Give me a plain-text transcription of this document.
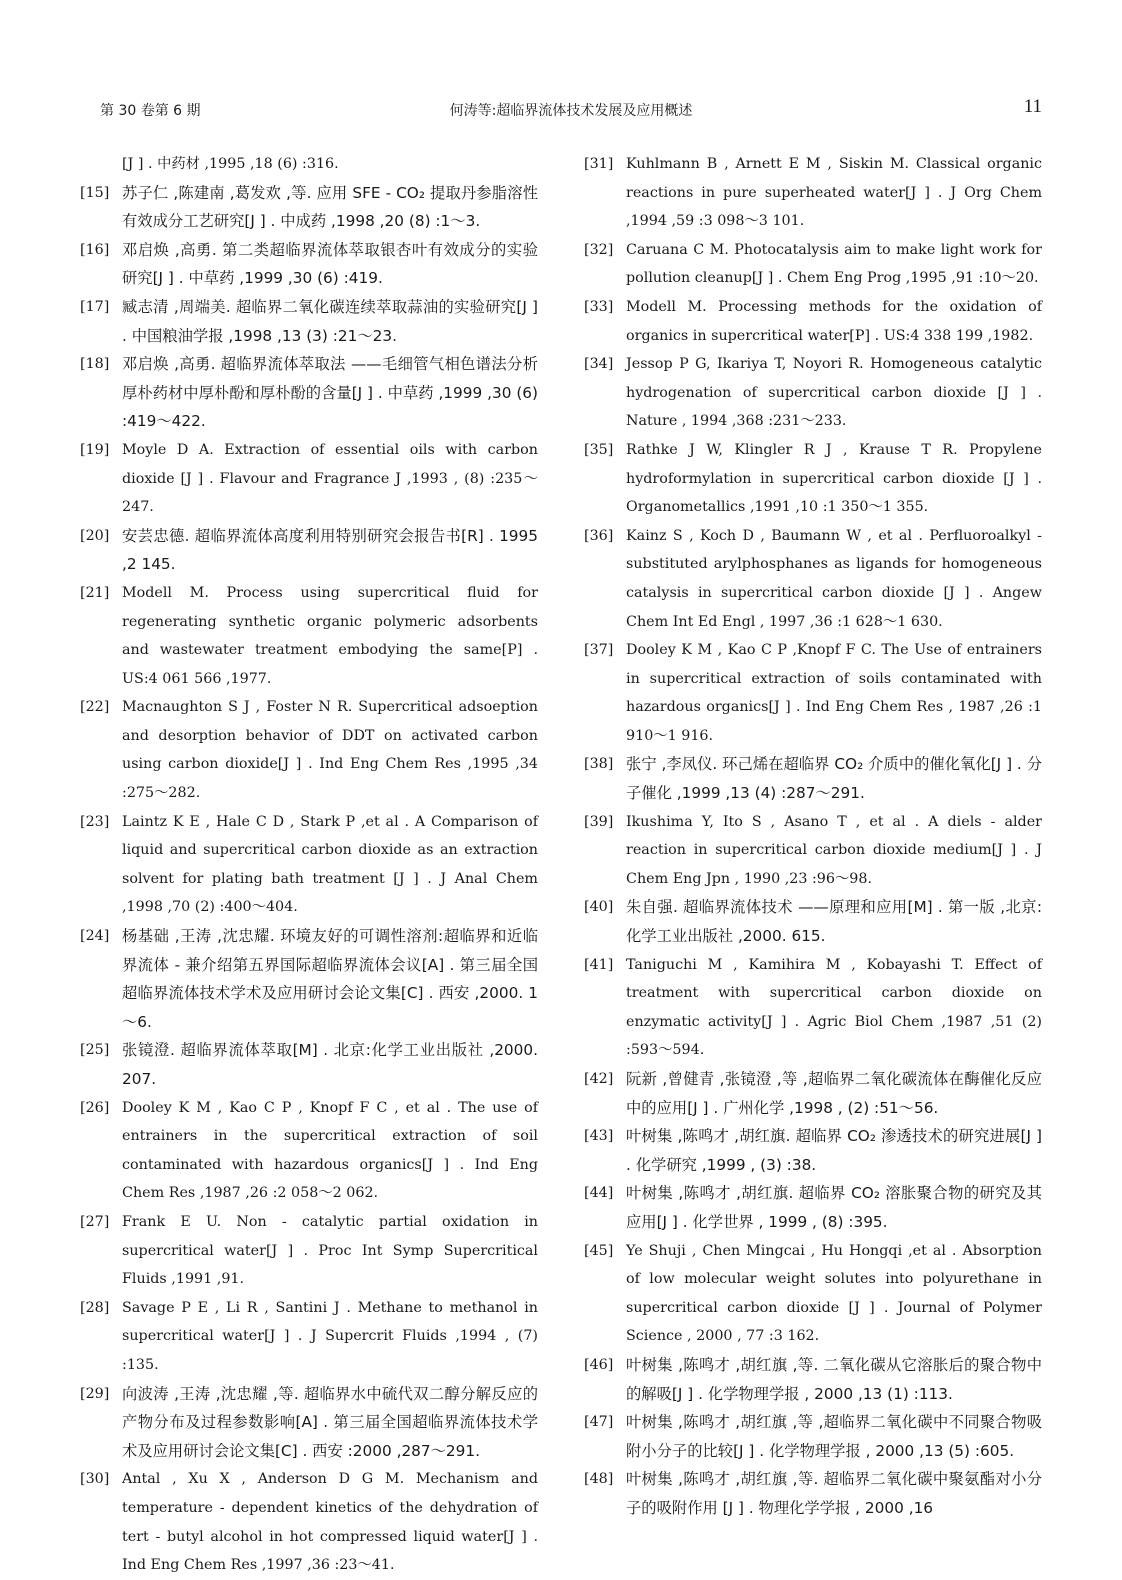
第 30 卷第 6 期	何涛等:超临界流体技术发展及应用概述	11
[J ] . 中药材 ,1995 ,18 (6) :316.
[15] 苏子仁 ,陈建南 ,葛发欢 ,等. 应用 SFE - CO₂ 提取丹参脂溶性有效成分工艺研究[J ] . 中成药 ,1998 ,20 (8) :1～3.
[16] 邓启焕 ,高勇. 第二类超临界流体萃取银杏叶有效成分的实验研究[J ] . 中草药 ,1999 ,30 (6) :419.
[17] 臧志清 ,周端美. 超临界二氧化碳连续萃取蒜油的实验研究[J ] . 中国粮油学报 ,1998 ,13 (3) :21～23.
[18] 邓启焕 ,高勇. 超临界流体萃取法 ——毛细管气相色谱法分析厚朴药材中厚朴酚和厚朴酚的含量[J ] . 中草药 ,1999 ,30 (6) :419～422.
[19] Moyle D A. Extraction of essential oils with carbon dioxide [J ] . Flavour and Fragrance J ,1993 , (8) :235～247.
[20] 安芸忠德. 超临界流体高度利用特别研究会报告书[R] . 1995 ,2 145.
[21] Modell M. Process using supercritical fluid for regenerating synthetic organic polymeric adsorbents and wastewater treatment embodying the same[P] . US:4 061 566 ,1977.
[22] Macnaughton S J , Foster N R. Supercritical adsoeption and desorption behavior of DDT on activated carbon using carbon dioxide[J ] . Ind Eng Chem Res ,1995 ,34 :275～282.
[23] Laintz K E , Hale C D , Stark P ,et al . A Comparison of liquid and supercritical carbon dioxide as an extraction solvent for plating bath treatment [J ] . J Anal Chem ,1998 ,70 (2) :400～404.
[24] 杨基础 ,王涛 ,沈忠耀. 环境友好的可调性溶剂:超临界和近临界流体 - 兼介绍第五界国际超临界流体会议[A] . 第三届全国超临界流体技术学术及应用研讨会论文集[C] . 西安 ,2000. 1～6.
[25] 张镜澄. 超临界流体萃取[M] . 北京:化学工业出版社 ,2000. 207.
[26] Dooley K M , Kao C P , Knopf F C , et al . The use of entrainers in the supercritical extraction of soil contaminated with hazardous organics[J ] . Ind Eng Chem Res ,1987 ,26 :2 058～2 062.
[27] Frank E U. Non - catalytic partial oxidation in supercritical water[J ] . Proc Int Symp Supercritical Fluids ,1991 ,91.
[28] Savage P E , Li R , Santini J . Methane to methanol in supercritical water[J ] . J Supercrit Fluids ,1994 , (7) :135.
[29] 向波涛 ,王涛 ,沈忠耀 ,等. 超临界水中硫代双二醇分解反应的产物分布及过程参数影响[A] . 第三届全国超临界流体技术学术及应用研讨会论文集[C] . 西安 :2000 ,287～291.
[30] Antal , Xu X , Anderson D G M. Mechanism and temperature - dependent kinetics of the dehydration of tert - butyl alcohol in hot compressed liquid water[J ] . Ind Eng Chem Res ,1997 ,36 :23～41.
[31] Kuhlmann B , Arnett E M , Siskin M. Classical organic reactions in pure superheated water[J ] . J Org Chem ,1994 ,59 :3 098～3 101.
[32] Caruana C M. Photocatalysis aim to make light work for pollution cleanup[J ] . Chem Eng Prog ,1995 ,91 :10～20.
[33] Modell M. Processing methods for the oxidation of organics in supercritical water[P] . US:4 338 199 ,1982.
[34] Jessop P G, Ikariya T, Noyori R. Homogeneous catalytic hydrogenation of supercritical carbon dioxide [J ] . Nature , 1994 ,368 :231～233.
[35] Rathke J W, Klingler R J , Krause T R. Propylene hydroformylation in supercritical carbon dioxide [J ] . Organometallics ,1991 ,10 :1 350～1 355.
[36] Kainz S , Koch D , Baumann W , et al . Perfluoroalkyl - substituted arylphosphanes as ligands for homogeneous catalysis in supercritical carbon dioxide [J ] . Angew Chem Int Ed Engl , 1997 ,36 :1 628～1 630.
[37] Dooley K M , Kao C P ,Knopf F C. The Use of entrainers in supercritical extraction of soils contaminated with hazardous organics[J ] . Ind Eng Chem Res , 1987 ,26 :1 910～1 916.
[38] 张宁 ,李凤仪. 环己烯在超临界 CO₂ 介质中的催化氧化[J ] . 分子催化 ,1999 ,13 (4) :287～291.
[39] Ikushima Y, Ito S , Asano T , et al . A diels - alder reaction in supercritical carbon dioxide medium[J ] . J Chem Eng Jpn , 1990 ,23 :96～98.
[40] 朱自强. 超临界流体技术 ——原理和应用[M] . 第一版 ,北京:化学工业出版社 ,2000. 615.
[41] Taniguchi M , Kamihira M , Kobayashi T. Effect of treatment with supercritical carbon dioxide on enzymatic activity[J ] . Agric Biol Chem ,1987 ,51 (2) :593～594.
[42] 阮新 ,曾健青 ,张镜澄 ,等 ,超临界二氧化碳流体在酶催化反应中的应用[J ] . 广州化学 ,1998 , (2) :51～56.
[43] 叶树集 ,陈鸣才 ,胡红旗. 超临界 CO₂ 渗透技术的研究进展[J ] . 化学研究 ,1999 , (3) :38.
[44] 叶树集 ,陈鸣才 ,胡红旗. 超临界 CO₂ 溶胀聚合物的研究及其应用[J ] . 化学世界 , 1999 , (8) :395.
[45] Ye Shuji , Chen Mingcai , Hu Hongqi ,et al . Absorption of low molecular weight solutes into polyurethane in supercritical carbon dioxide [J ] . Journal of Polymer Science , 2000 , 77 :3 162.
[46] 叶树集 ,陈鸣才 ,胡红旗 ,等. 二氧化碳从它溶胀后的聚合物中的解吸[J ] . 化学物理学报 , 2000 ,13 (1) :113.
[47] 叶树集 ,陈鸣才 ,胡红旗 ,等 ,超临界二氧化碳中不同聚合物吸附小分子的比较[J ] . 化学物理学报 , 2000 ,13 (5) :605.
[48] 叶树集 ,陈鸣才 ,胡红旗 ,等. 超临界二氧化碳中聚氨酯对小分子的吸附作用 [J ] . 物理化学学报 , 2000 ,16
